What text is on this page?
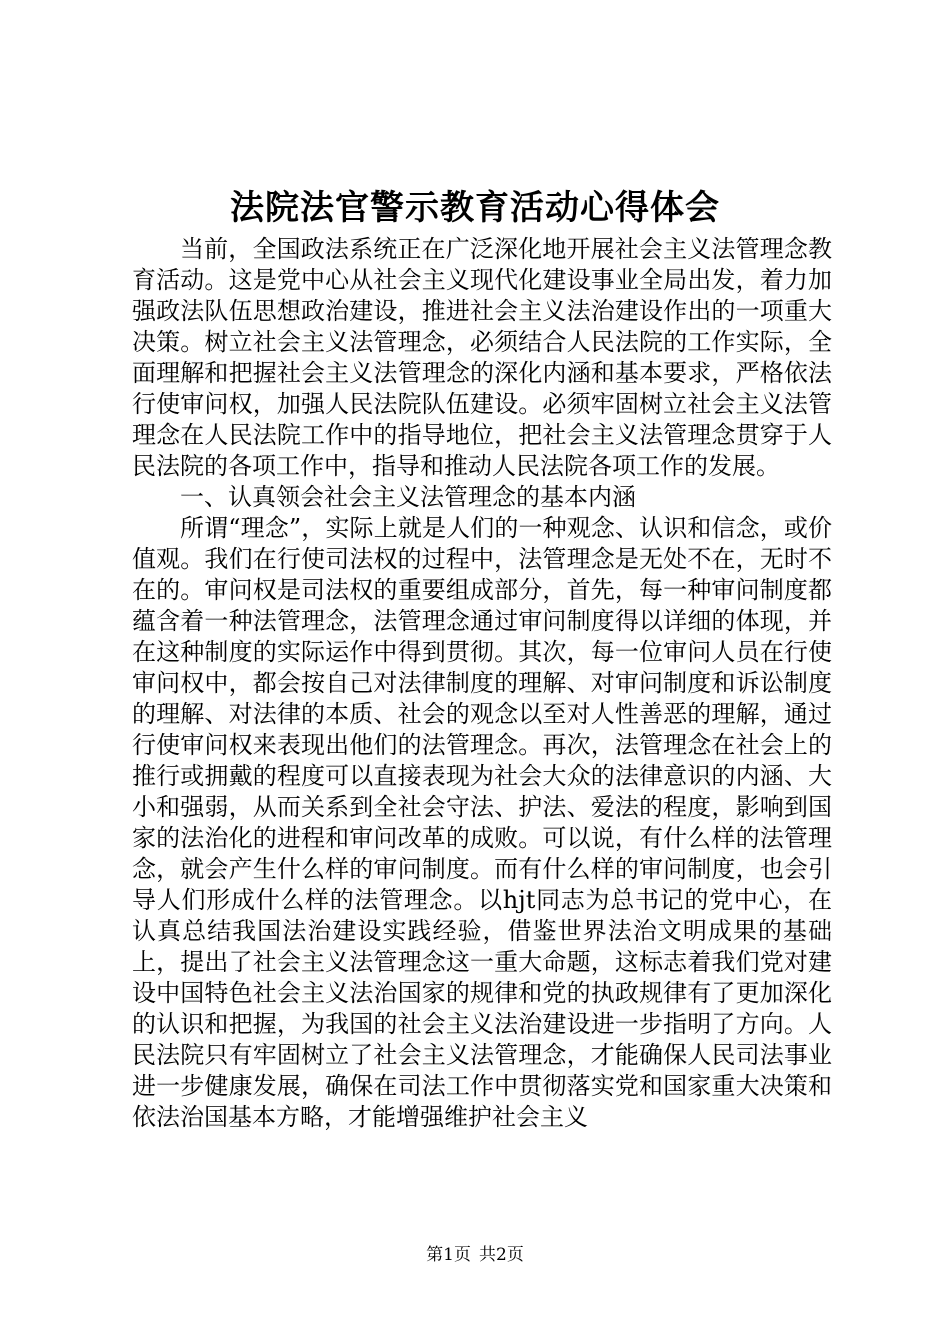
法院法官警示教育活动心得体会

当前，全国政法系统正在广泛深化地开展社会主义法管理念教育活动。这是党中心从社会主义现代化建设事业全局出发，着力加强政法队伍思想政治建设，推进社会主义法治建设作出的一项重大决策。树立社会主义法管理念，必须结合人民法院的工作实际，全面理解和把握社会主义法管理念的深化内涵和基本要求，严格依法行使审问权，加强人民法院队伍建设。必须牢固树立社会主义法管理念在人民法院工作中的指导地位，把社会主义法管理念贯穿于人民法院的各项工作中，指导和推动人民法院各项工作的发展。

一、认真领会社会主义法管理念的基本内涵

所谓“理念”，实际上就是人们的一种观念、认识和信念，或价值观。我们在行使司法权的过程中，法管理念是无处不在，无时不在的。审问权是司法权的重要组成部分，首先，每一种审问制度都蕴含着一种法管理念，法管理念通过审问制度得以详细的体现，并在这种制度的实际运作中得到贯彻。其次，每一位审问人员在行使审问权中，都会按自己对法律制度的理解、对审问制度和诉讼制度的理解、对法律的本质、社会的观念以至对人性善恶的理解，通过行使审问权来表现出他们的法管理念。再次，法管理念在社会上的推行或拥戴的程度可以直接表现为社会大众的法律意识的内涵、大小和强弱，从而关系到全社会守法、护法、爱法的程度，影响到国家的法治化的进程和审问改革的成败。可以说，有什么样的法管理念，就会产生什么样的审问制度。而有什么样的审问制度，也会引导人们形成什么样的法管理念。以hjt同志为总书记的党中心，在认真总结我国法治建设实践经验，借鉴世界法治文明成果的基础上，提出了社会主义法管理念这一重大命题，这标志着我们党对建设中国特色社会主义法治国家的规律和党的执政规律有了更加深化的认识和把握，为我国的社会主义法治建设进一步指明了方向。人民法院只有牢固树立了社会主义法管理念，才能确保人民司法事业进一步健康发展，确保在司法工作中贯彻落实党和国家重大决策和依法治国基本方略，才能增强维护社会主义

第1页 共2页
